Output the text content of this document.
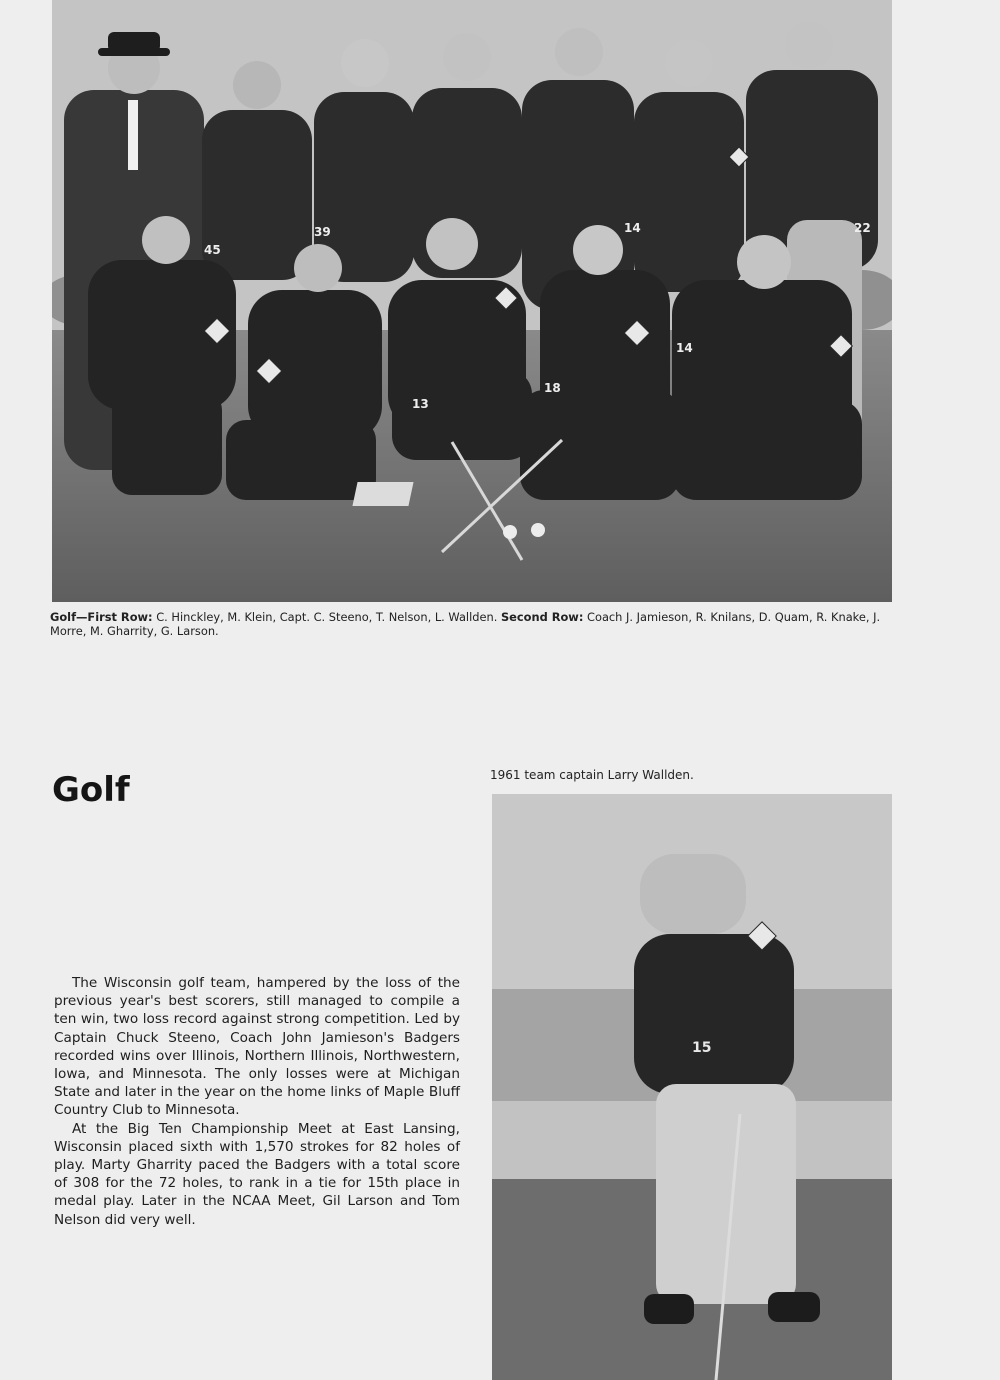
45
39	22
14
13
18
14
Golf—First Row: C. Hinckley, M. Klein, Capt. C. Steeno, T. Nelson, L. Wallden. Second Row: Coach J. Jamieson, R. Knilans, D. Quam, R. Knake, J. Morre, M. Gharrity, G. Larson.
Golf	1961 team captain Larry Wallden.
15

The Wisconsin golf team, hampered by the loss of the previous year's best scorers, still managed to compile a ten win, two loss record against strong competition. Led by Captain Chuck Steeno, Coach John Jamieson's Badgers recorded wins over Illinois, Northern Illinois, Northwestern, Iowa, and Minnesota. The only losses were at Michigan State and later in the year on the home links of Maple Bluff Country Club to Minnesota.

At the Big Ten Championship Meet at East Lansing, Wisconsin placed sixth with 1,570 strokes for 82 holes of play. Marty Gharrity paced the Badgers with a total score of 308 for the 72 holes, to rank in a tie for 15th place in medal play. Later in the NCAA Meet, Gil Larson and Tom Nelson did very well.
